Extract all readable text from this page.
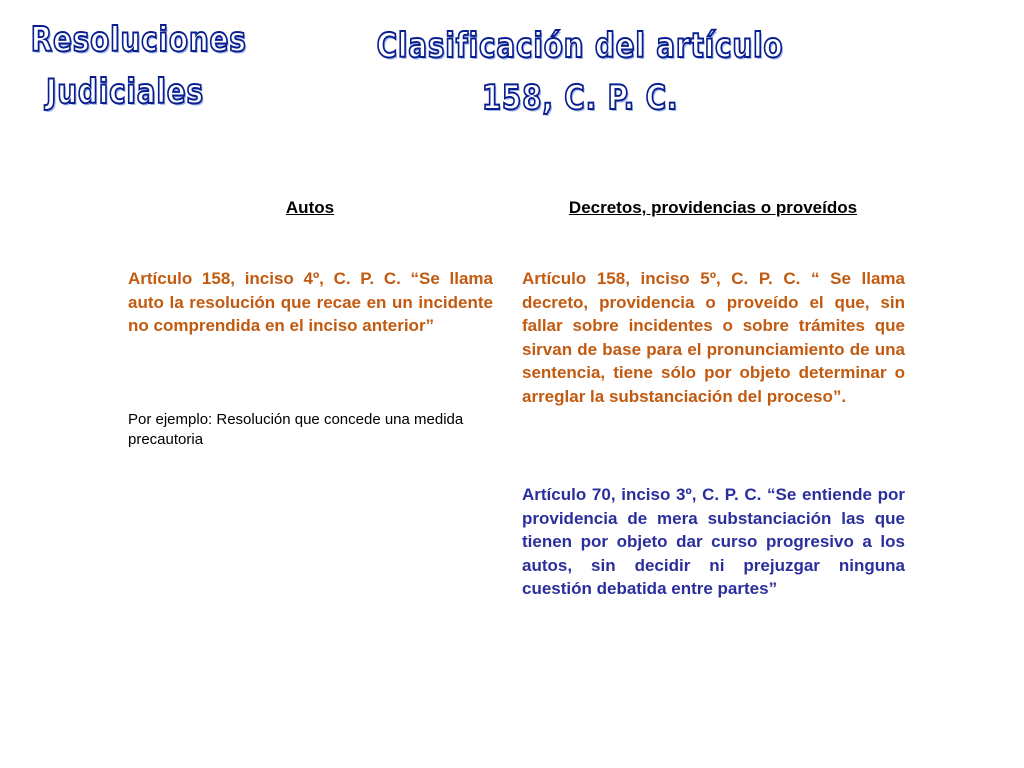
Resoluciones
Judiciales
Clasificación del artículo
158, C. P. C.
Autos	Decretos, providencias o proveídos

Artículo 158, inciso 4º, C. P. C. “Se llama auto la resolución que recae en un incidente no comprendida en el inciso anterior”

Por ejemplo: Resolución que concede una medida precautoria

Artículo 158, inciso 5º, C. P. C. “ Se llama decreto, providencia o proveído el que, sin fallar sobre incidentes o sobre trámites que sirvan de base para el pronunciamiento de una sentencia, tiene sólo por objeto determinar o arreglar la substanciación del proceso”.

Artículo 70, inciso 3º, C. P. C. “Se entiende por providencia de mera substanciación las que tienen por objeto dar curso progresivo a los autos, sin decidir ni prejuzgar ninguna cuestión debatida entre partes”
